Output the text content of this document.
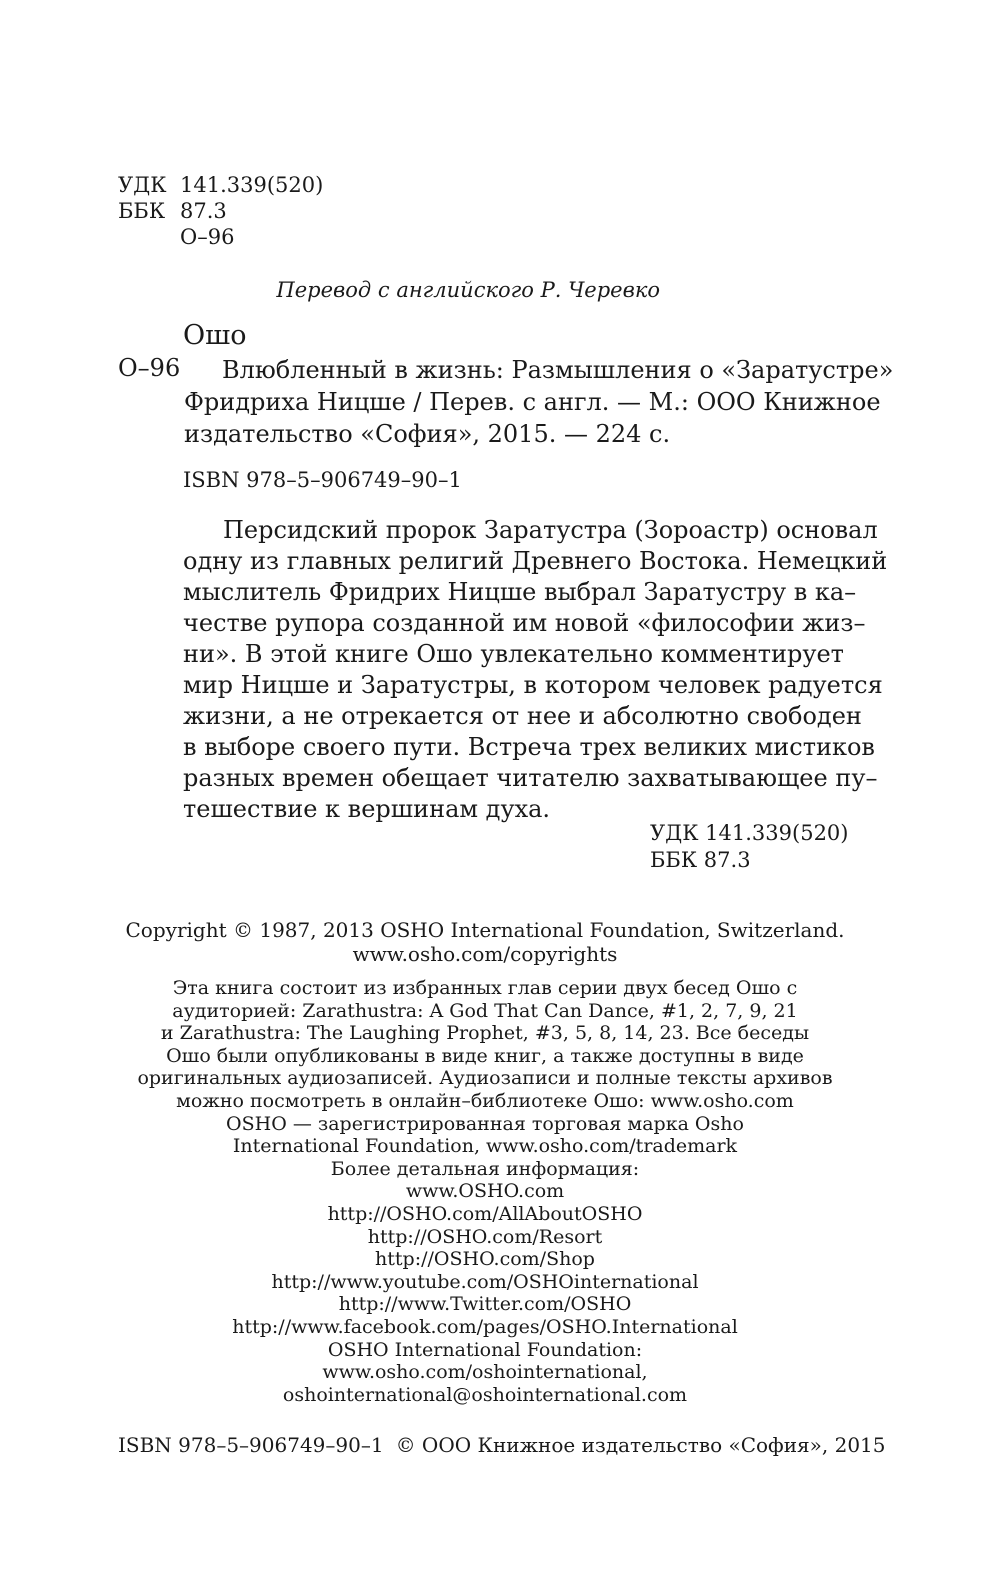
УДК 141.339(520)
ББК 87.3
О–96
Перевод с английского Р. Черевко
Ошо
О–96 Влюбленный в жизнь: Размышления о «Заратустре»
Фридриха Ницше / Перев. с англ. — М.: ООО Книжное
издательство «София», 2015. — 224 с.
ISBN 978–5–906749–90–1
Персидский пророк Заратустра (Зороастр) основал
одну из главных религий Древнего Востока. Немецкий
мыслитель Фридрих Ницше выбрал Заратустру в ка–
честве рупора созданной им новой «философии жиз–
ни». В этой книге Ошо увлекательно комментирует
мир Ницше и Заратустры, в котором человек радуется
жизни, а не отрекается от нее и абсолютно свободен
в выборе своего пути. Встреча трех великих мистиков
разных времен обещает читателю захватывающее пу–
тешествие к вершинам духа.
УДК 141.339(520)
ББК 87.3
Copyright © 1987, 2013 OSHO International Foundation, Switzerland.
www.osho.com/copyrights
Эта книга состоит из избранных глав серии двух бесед Ошо с
аудиторией: Zarathustra: A God That Can Dance, #1, 2, 7, 9, 21
и Zarathustra: The Laughing Prophet, #3, 5, 8, 14, 23. Все беседы
Ошо были опубликованы в виде книг, а также доступны в виде
оригинальных аудиозаписей. Аудиозаписи и полные тексты архивов
можно посмотреть в онлайн–библиотеке Ошо: www.osho.com
OSHO — зарегистрированная торговая марка Osho
International Foundation, www.osho.com/trademark
Более детальная информация:
www.OSHO.com
http://OSHO.com/AllAboutOSHO
http://OSHO.com/Resort
http://OSHO.com/Shop
http://www.youtube.com/OSHOinternational
http://www.Twitter.com/OSHO
http://www.facebook.com/pages/OSHO.International
OSHO International Foundation:
www.osho.com/oshointernational,
oshointernational@oshointernational.com
ISBN 978–5–906749–90–1 © ООО Книжное издательство «София», 2015
